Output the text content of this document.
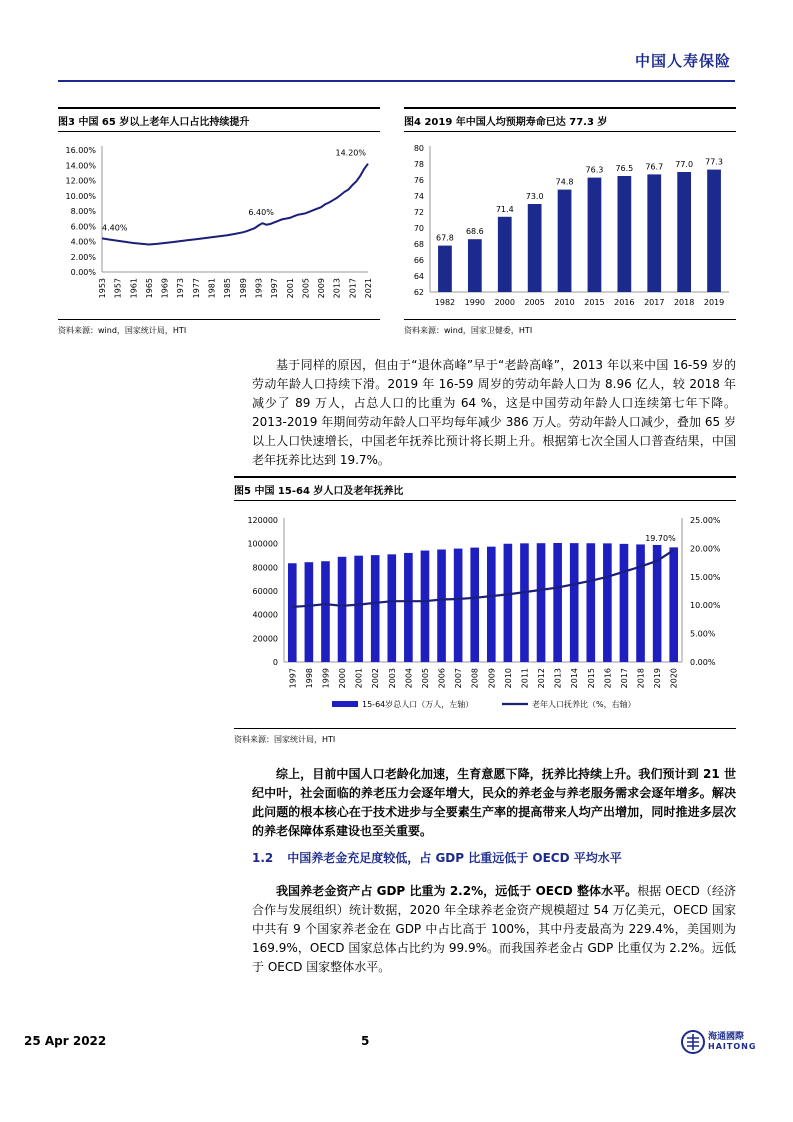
中国人寿保险
图3 中国 65 岁以上老年人口占比持续提升
0.00%
2.00%
4.00%
6.00%
8.00%
10.00%
12.00%
14.00%
16.00%
1953 1957 1961 1965 1969 1973 1977 1981 1985 1989 1993 1997 2001 2005 2009 2013 2017 2021
4.40%
6.40%
14.20%
资料来源：wind，国家统计局，HTI
图4 2019 年中国人均预期寿命已达 77.3 岁
62
64
66
68
70
72
74
76
78
80
67.8
1982
68.6
1990
71.4
2000
73.0
2005
74.8
2010
76.3
2015
76.5
2016
76.7
2017
77.0
2018
77.3
2019
资料来源：wind，国家卫健委，HTI
基于同样的原因，但由于“退休高峰”早于“老龄高峰”，2013 年以来中国 16-59 岁的劳动年龄人口持续下滑。2019 年 16-59 周岁的劳动年龄人口为 8.96 亿人，较 2018 年减少了 89 万人，占总人口的比重为 64 %，这是中国劳动年龄人口连续第七年下降。2013-2019 年期间劳动年龄人口平均每年减少 386 万人。劳动年龄人口减少，叠加 65 岁以上人口快速增长，中国老年抚养比预计将长期上升。根据第七次全国人口普查结果，中国老年抚养比达到 19.7%。
图5 中国 15-64 岁人口及老年抚养比
0
20000
40000
60000
80000
100000
120000
0.00%
5.00%
10.00%
15.00%
20.00%
25.00%
1997 1998 1999 2000 2001 2002 2003 2004 2005 2006 2007 2008 2009 2010 2011 2012 2013 2014 2015 2016 2017 2018 2019 2020
19.70%
15-64岁总人口（万人，左轴）	老年人口抚养比（%，右轴）
资料来源：国家统计局，HTI
综上，目前中国人口老龄化加速，生育意愿下降，抚养比持续上升。我们预计到 21 世纪中叶，社会面临的养老压力会逐年增大，民众的养老金与养老服务需求会逐年增多。解决此问题的根本核心在于技术进步与全要素生产率的提高带来人均产出增加，同时推进多层次的养老保障体系建设也至关重要。
1.2 中国养老金充足度较低，占 GDP 比重远低于 OECD 平均水平
我国养老金资产占 GDP 比重为 2.2%，远低于 OECD 整体水平。根据 OECD（经济合作与发展组织）统计数据，2020 年全球养老金资产规模超过 54 万亿美元，OECD 国家中共有 9 个国家养老金在 GDP 中占比高于 100%，其中丹麦最高为 229.4%，美国则为 169.9%，OECD 国家总体占比约为 99.9%。而我国养老金占 GDP 比重仅为 2.2%。远低于 OECD 国家整体水平。
25 Apr 2022	5	海通國際
HAITONG
